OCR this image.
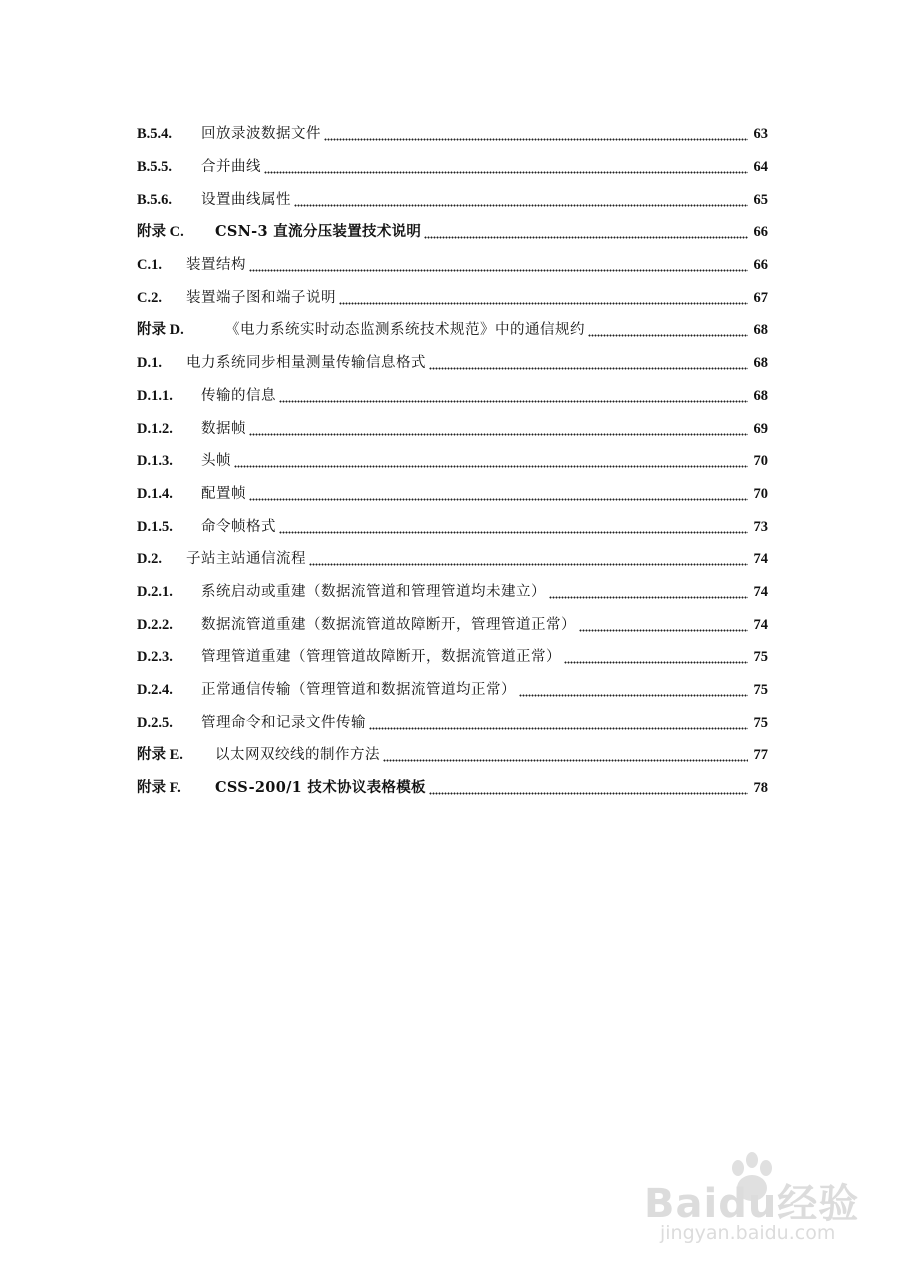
B.5.4.	回放录波数据文件	63
B.5.5.	合并曲线	64
B.5.6.	设置曲线属性	65
附录 C.	CSN-3 直流分压装置技术说明	66
C.1.	装置结构	66
C.2.	装置端子图和端子说明	67
附录 D.	《电力系统实时动态监测系统技术规范》中的通信规约	68
D.1.	电力系统同步相量测量传输信息格式	68
D.1.1.	传输的信息	68
D.1.2.	数据帧	69
D.1.3.	头帧	70
D.1.4.	配置帧	70
D.1.5.	命令帧格式	73
D.2.	子站主站通信流程	74
D.2.1.	系统启动或重建（数据流管道和管理管道均未建立）	74
D.2.2.	数据流管道重建（数据流管道故障断开，管理管道正常）	74
D.2.3.	管理管道重建（管理管道故障断开，数据流管道正常）	75
D.2.4.	正常通信传输（管理管道和数据流管道均正常）	75
D.2.5.	管理命令和记录文件传输	75
附录 E.	以太网双绞线的制作方法	77
附录 F.	CSS-200/1 技术协议表格模板	78
Baidu经验
jingyan.baidu.com
